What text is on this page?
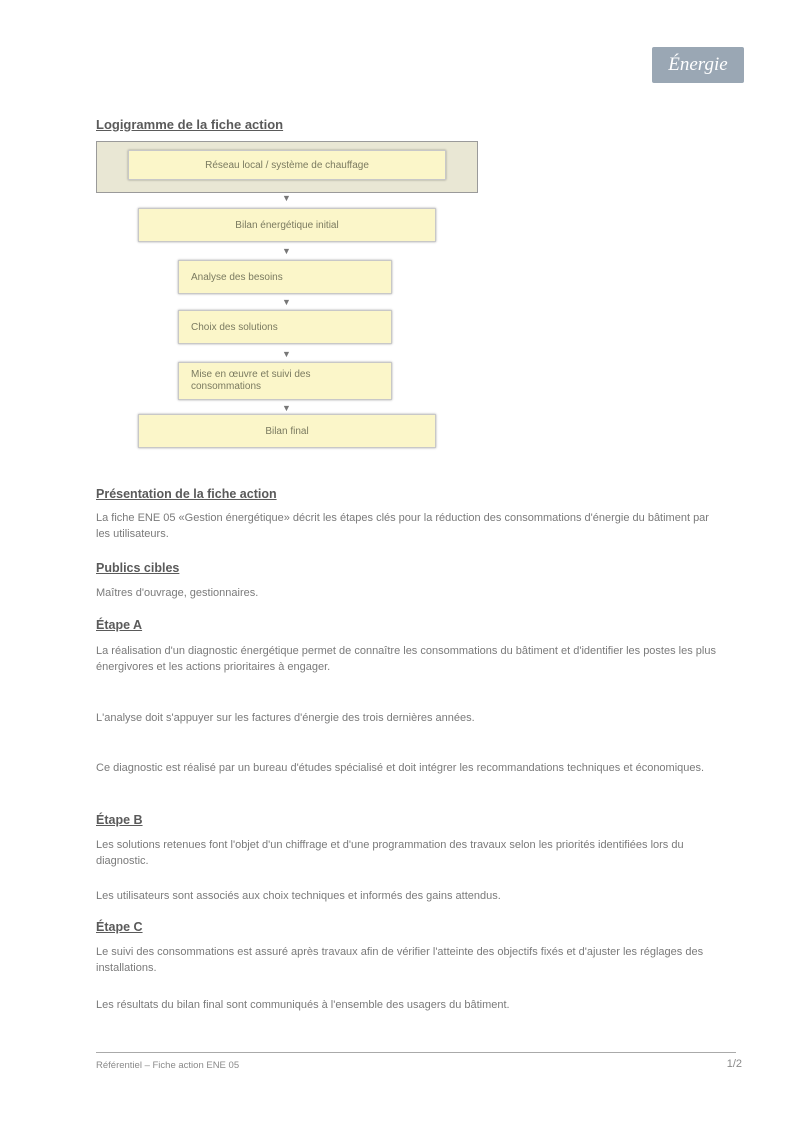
Énergie
Logigramme de la fiche action
Réseau local / système de chauffage
▼
Bilan énergétique initial
▼
Analyse des besoins
▼
Choix des solutions
▼
Mise en œuvre et suivi des consommations
▼
Bilan final
Présentation de la fiche action

La fiche ENE 05 «Gestion énergétique» décrit les étapes clés pour la réduction des consommations d'énergie du bâtiment par les utilisateurs.

Publics cibles

Maîtres d'ouvrage, gestionnaires.

Étape A

La réalisation d'un diagnostic énergétique permet de connaître les consommations du bâtiment et d'identifier les postes les plus énergivores et les actions prioritaires à engager.

L'analyse doit s'appuyer sur les factures d'énergie des trois dernières années.

Ce diagnostic est réalisé par un bureau d'études spécialisé et doit intégrer les recommandations techniques et économiques.

Étape B

Les solutions retenues font l'objet d'un chiffrage et d'une programmation des travaux selon les priorités identifiées lors du diagnostic.

Les utilisateurs sont associés aux choix techniques et informés des gains attendus.

Étape C

Le suivi des consommations est assuré après travaux afin de vérifier l'atteinte des objectifs fixés et d'ajuster les réglages des installations.

Les résultats du bilan final sont communiqués à l'ensemble des usagers du bâtiment.

Référentiel – Fiche action ENE 05	1/2
